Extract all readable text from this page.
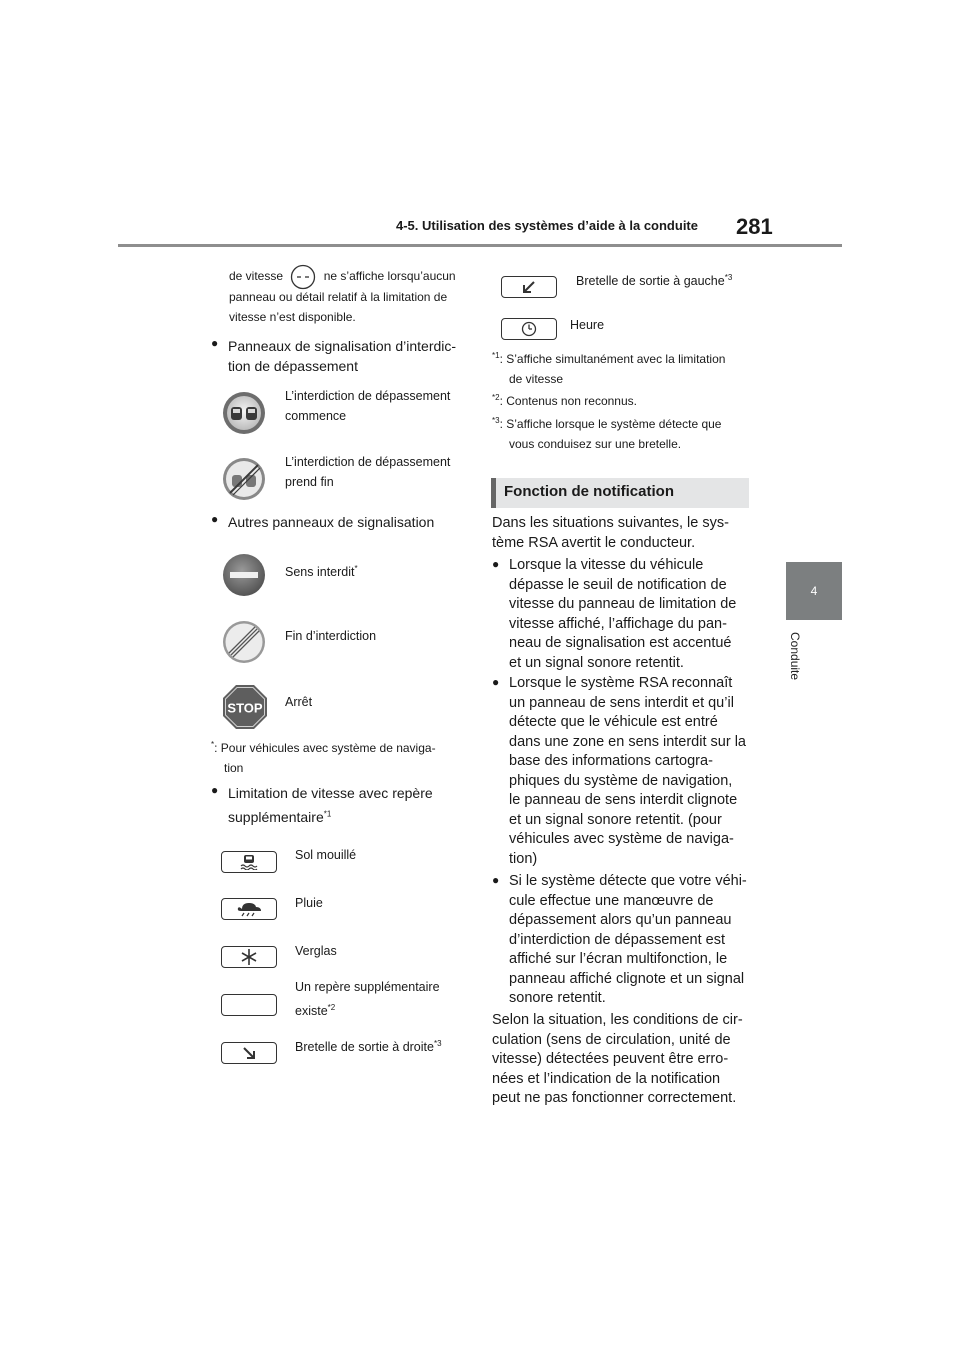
4-5. Utilisation des systèmes d’aide à la conduite 281
4
Conduite
de vitesse	ne s’affiche lorsqu’aucun
panneau ou détail relatif à la limitation de
vitesse n’est disponible.
● Panneaux de signalisation d’interdic-
tion de dépassement
L’interdiction de dépassement
commence
L’interdiction de dépassement
prend fin
● Autres panneaux de signalisation
Sens interdit*
Fin d’interdiction
STOP Arrêt
*: Pour véhicules avec système de naviga-
tion
● Limitation de vitesse avec repère
supplémentaire$^{*1}$
Sol mouillé
Pluie
Verglas
Un repère supplémentaire
existe$^{*2}$
Bretelle de sortie à droite$^{*3}$
Bretelle de sortie à gauche$^{*3}$
Heure
$^{*1}$: S’affiche simultanément avec la limitation
de vitesse
$^{*2}$: Contenus non reconnus.
$^{*3}$: S’affiche lorsque le système détecte que
vous conduisez sur une bretelle.
Fonction de notification
Dans les situations suivantes, le sys-
tème RSA avertit le conducteur.
● Lorsque la vitesse du véhicule
dépasse le seuil de notification de
vitesse du panneau de limitation de
vitesse affiché, l’affichage du pan-
neau de signalisation est accentué
et un signal sonore retentit.
● Lorsque le système RSA reconnaît
un panneau de sens interdit et qu’il
détecte que le véhicule est entré
dans une zone en sens interdit sur la
base des informations cartogra-
phiques du système de navigation,
le panneau de sens interdit clignote
et un signal sonore retentit. (pour
véhicules avec système de naviga-
tion)
● Si le système détecte que votre véhi-
cule effectue une manœuvre de
dépassement alors qu’un panneau
d’interdiction de dépassement est
affiché sur l’écran multifonction, le
panneau affiché clignote et un signal
sonore retentit.
Selon la situation, les conditions de cir-
culation (sens de circulation, unité de
vitesse) détectées peuvent être erro-
nées et l’indication de la notification
peut ne pas fonctionner correctement.
